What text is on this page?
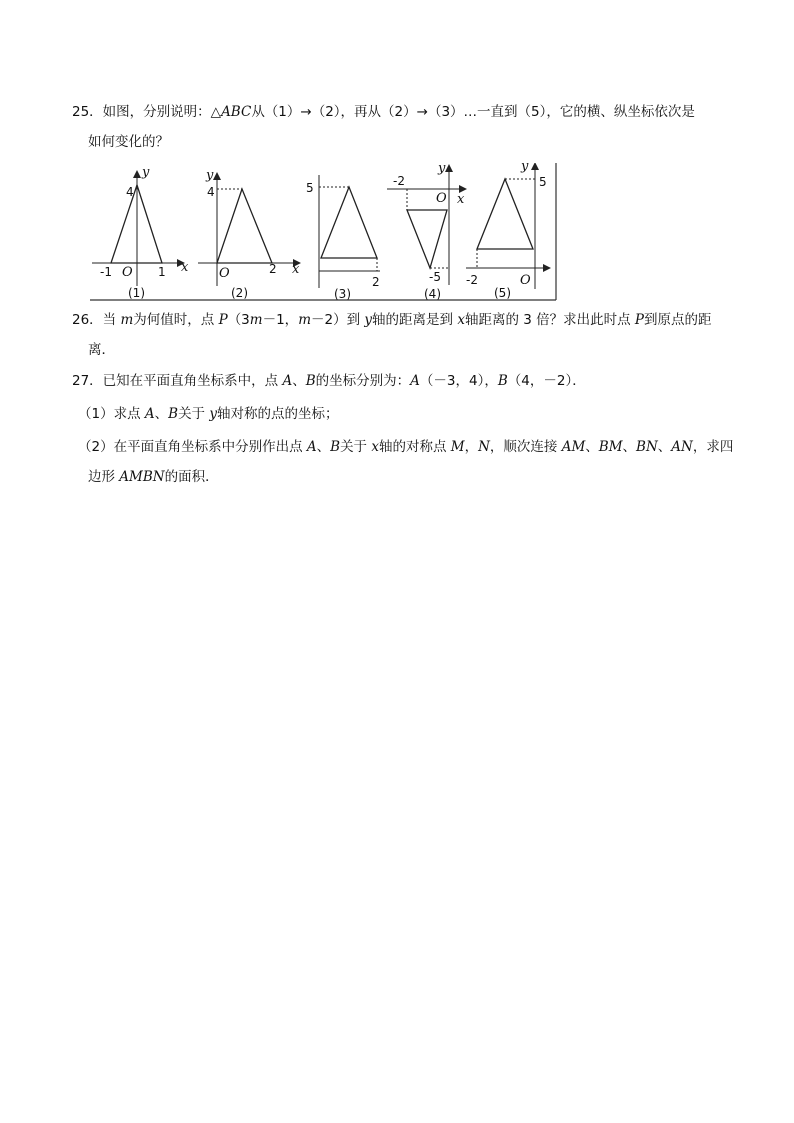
25．如图，分别说明：△ABC从（1）→（2），再从（2）→（3）…一直到（5），它的横、纵坐标依次是
如何变化的？
y
x
4
-1 O 1
(1)
y
x
4
O	2
(2)
5
2
(3)
y
x
-2
O
-5
(4)
y
5
-2	O
(5)
26．当 m为何值时，点 P（3m－1，m－2）到 y轴的距离是到 x轴距离的 3 倍？求出此时点 P到原点的距
离．
27．已知在平面直角坐标系中，点 A、B的坐标分别为：A（－3，4），B（4，－2）．
（1）求点 A、B关于 y轴对称的点的坐标；
（2）在平面直角坐标系中分别作出点 A、B关于 x轴的对称点 M，N，顺次连接 AM、BM、BN、AN，求四
边形 AMBN的面积．
